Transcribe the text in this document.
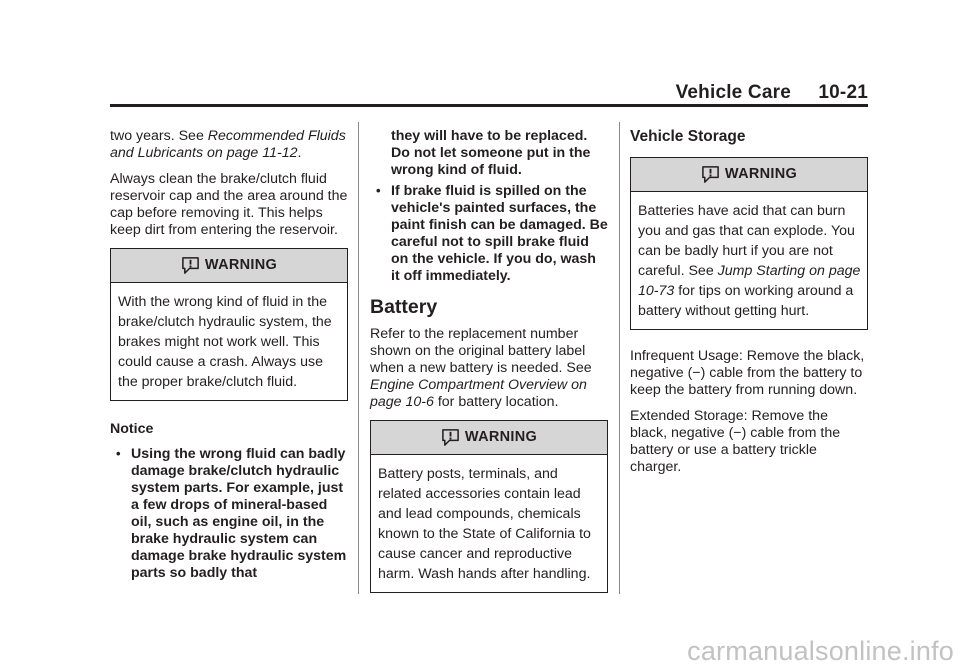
Vehicle Care 10-21

two years. See Recommended Fluids and Lubricants on page 11-12.

Always clean the brake/clutch fluid reservoir cap and the area around the cap before removing it. This helps keep dirt from entering the reservoir.

WARNING
With the wrong kind of fluid in the brake/clutch hydraulic system, the brakes might not work well. This could cause a crash. Always use the proper brake/clutch fluid.
Notice
• Using the wrong fluid can badly damage brake/clutch hydraulic system parts. For example, just a few drops of mineral-based oil, such as engine oil, in the brake hydraulic system can damage brake hydraulic system parts so badly that
they will have to be replaced. Do not let someone put in the wrong kind of fluid.
• If brake fluid is spilled on the vehicle's painted surfaces, the paint finish can be damaged. Be careful not to spill brake fluid on the vehicle. If you do, wash it off immediately.
Battery

Refer to the replacement number shown on the original battery label when a new battery is needed. See Engine Compartment Overview on page 10-6 for battery location.

WARNING
Battery posts, terminals, and related accessories contain lead and lead compounds, chemicals known to the State of California to cause cancer and reproductive harm. Wash hands after handling.
Vehicle Storage
WARNING
Batteries have acid that can burn you and gas that can explode. You can be badly hurt if you are not careful. See Jump Starting on page 10-73 for tips on working around a battery without getting hurt.

Infrequent Usage: Remove the black, negative (−) cable from the battery to keep the battery from running down.

Extended Storage: Remove the black, negative (−) cable from the battery or use a battery trickle charger.

carmanualsonline.info
